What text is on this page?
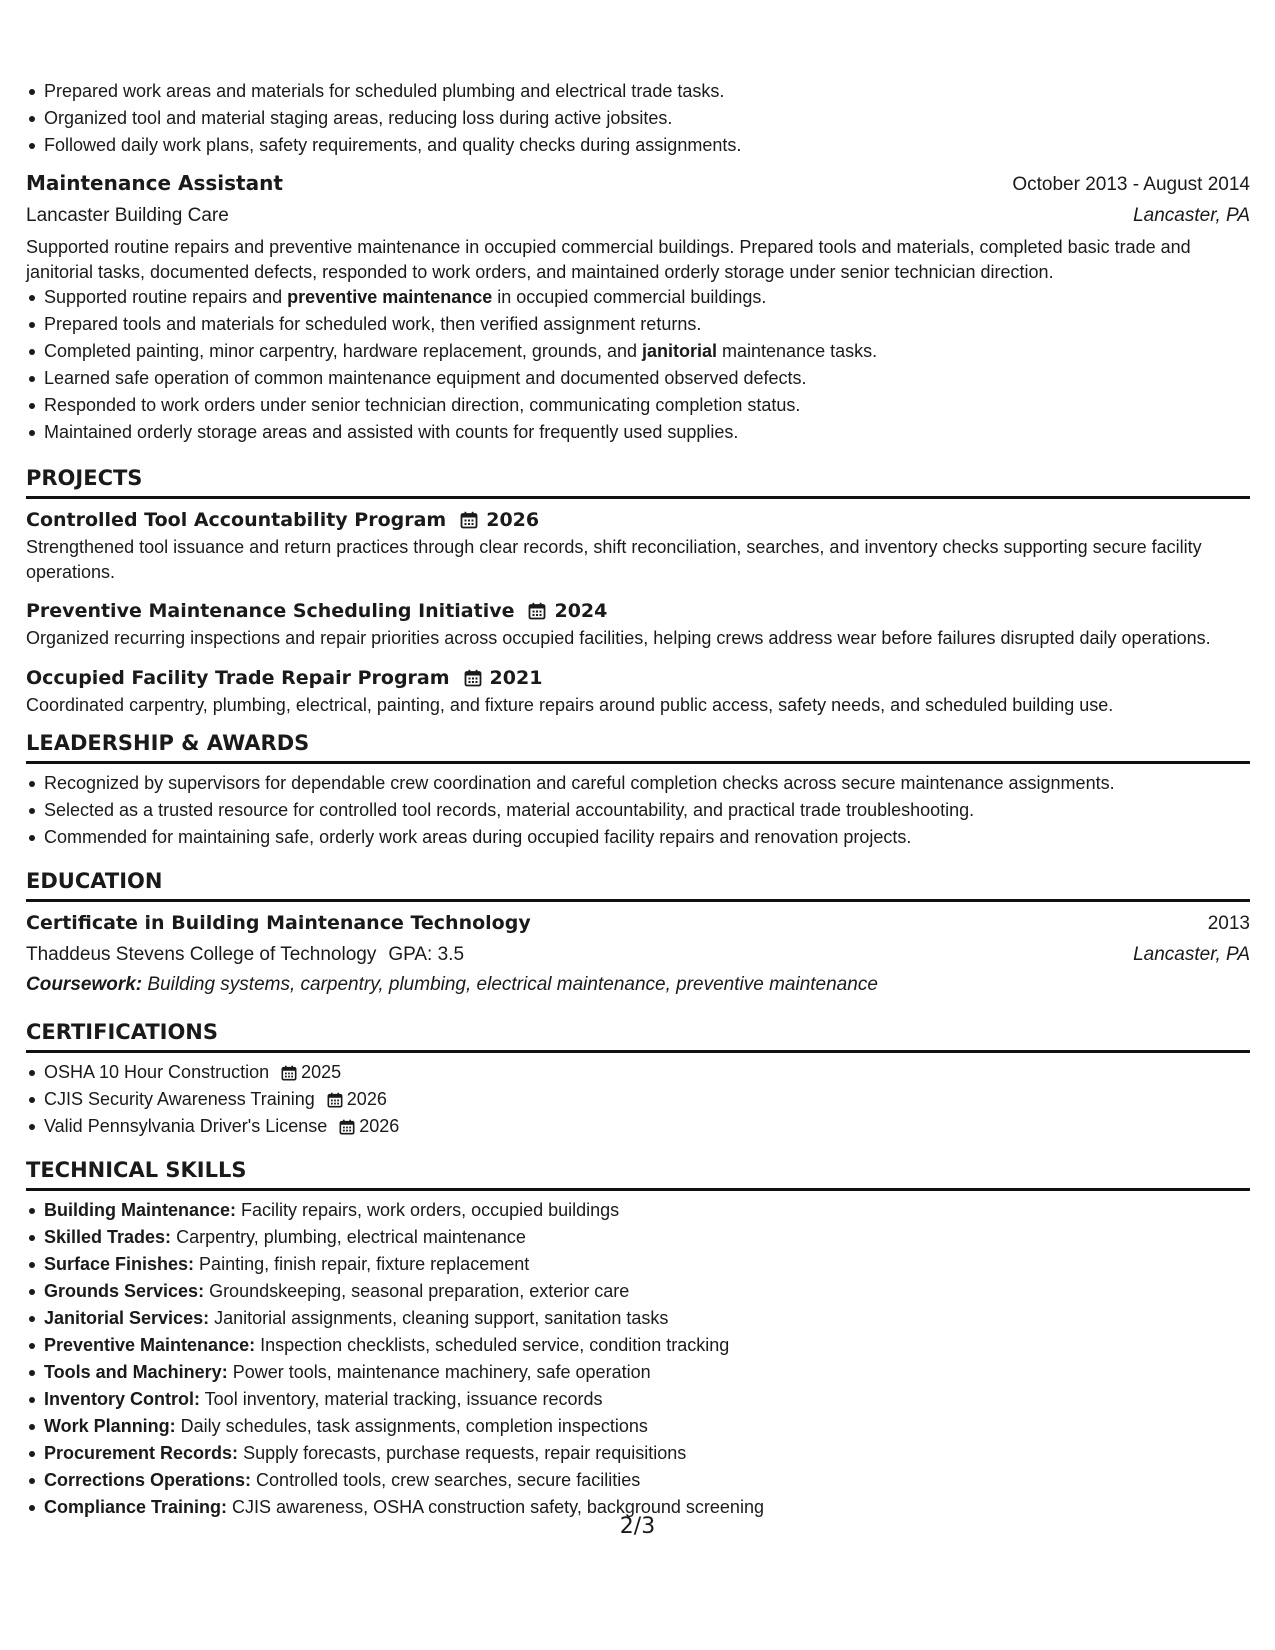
Prepared work areas and materials for scheduled plumbing and electrical trade tasks.
Organized tool and material staging areas, reducing loss during active jobsites.
Followed daily work plans, safety requirements, and quality checks during assignments.
Maintenance Assistant	October 2013 - August 2014
Lancaster Building Care	Lancaster, PA
Supported routine repairs and preventive maintenance in occupied commercial buildings. Prepared tools and materials, completed basic trade and janitorial tasks, documented defects, responded to work orders, and maintained orderly storage under senior technician direction.
Supported routine repairs and preventive maintenance in occupied commercial buildings.
Prepared tools and materials for scheduled work, then verified assignment returns.
Completed painting, minor carpentry, hardware replacement, grounds, and janitorial maintenance tasks.
Learned safe operation of common maintenance equipment and documented observed defects.
Responded to work orders under senior technician direction, communicating completion status.
Maintained orderly storage areas and assisted with counts for frequently used supplies.
PROJECTS
Controlled Tool Accountability Program 2026
Strengthened tool issuance and return practices through clear records, shift reconciliation, searches, and inventory checks supporting secure facility operations.
Preventive Maintenance Scheduling Initiative 2024
Organized recurring inspections and repair priorities across occupied facilities, helping crews address wear before failures disrupted daily operations.
Occupied Facility Trade Repair Program 2021
Coordinated carpentry, plumbing, electrical, painting, and fixture repairs around public access, safety needs, and scheduled building use.
LEADERSHIP & AWARDS
Recognized by supervisors for dependable crew coordination and careful completion checks across secure maintenance assignments.
Selected as a trusted resource for controlled tool records, material accountability, and practical trade troubleshooting.
Commended for maintaining safe, orderly work areas during occupied facility repairs and renovation projects.
EDUCATION
Certificate in Building Maintenance Technology	2013
Thaddeus Stevens College of Technology GPA: 3.5	Lancaster, PA
Coursework: Building systems, carpentry, plumbing, electrical maintenance, preventive maintenance
CERTIFICATIONS
OSHA 10 Hour Construction 2025
CJIS Security Awareness Training 2026
Valid Pennsylvania Driver's License 2026
TECHNICAL SKILLS
Building Maintenance: Facility repairs, work orders, occupied buildings
Skilled Trades: Carpentry, plumbing, electrical maintenance
Surface Finishes: Painting, finish repair, fixture replacement
Grounds Services: Groundskeeping, seasonal preparation, exterior care
Janitorial Services: Janitorial assignments, cleaning support, sanitation tasks
Preventive Maintenance: Inspection checklists, scheduled service, condition tracking
Tools and Machinery: Power tools, maintenance machinery, safe operation
Inventory Control: Tool inventory, material tracking, issuance records
Work Planning: Daily schedules, task assignments, completion inspections
Procurement Records: Supply forecasts, purchase requests, repair requisitions
Corrections Operations: Controlled tools, crew searches, secure facilities
Compliance Training: CJIS awareness, OSHA construction safety, background screening
2/3
